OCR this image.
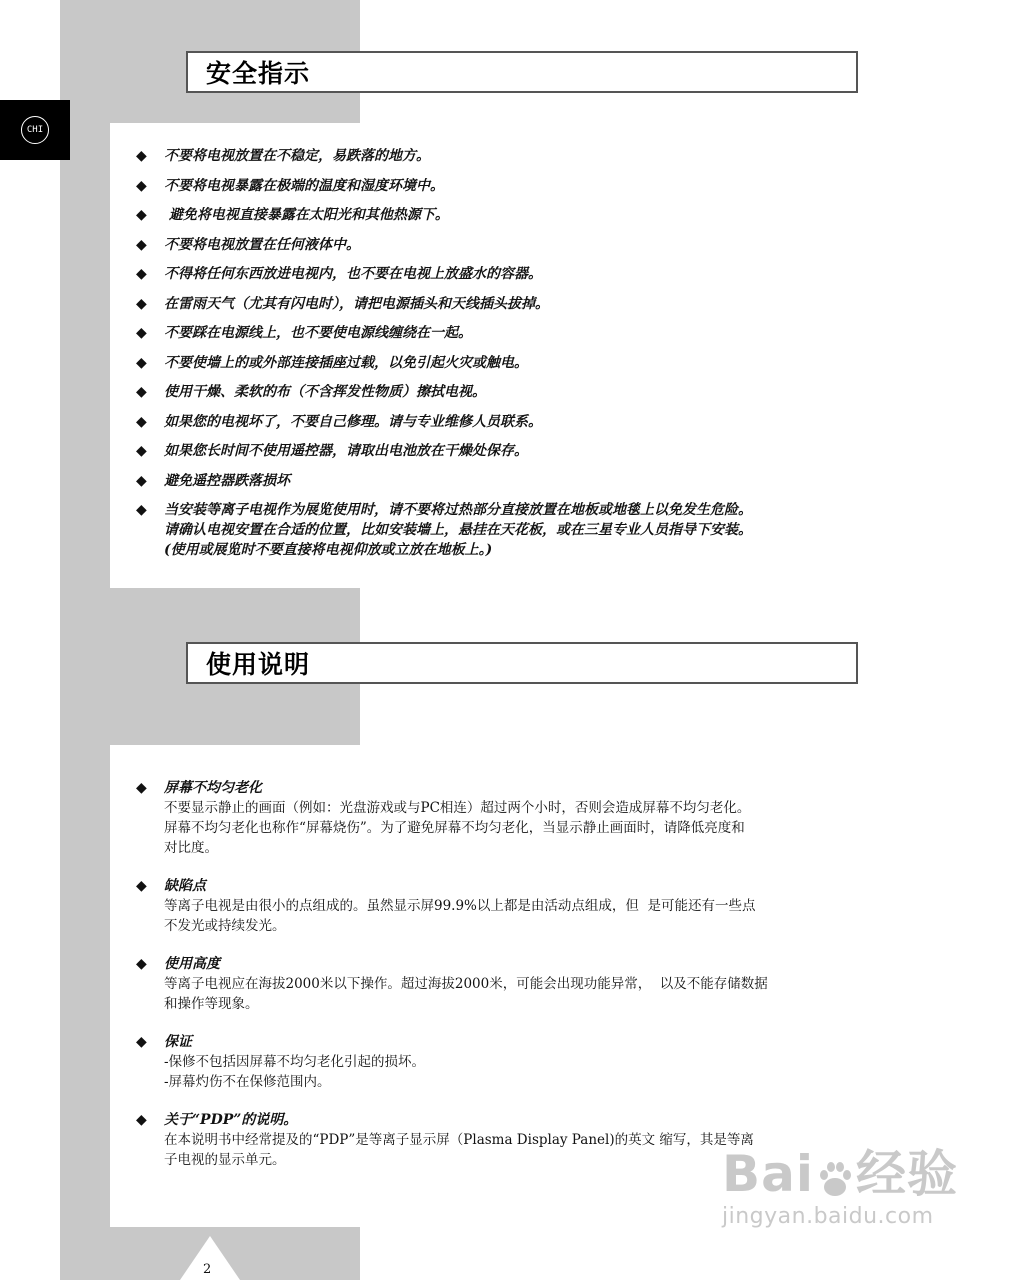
CHI
安全指示
◆ 不要将电视放置在不稳定，易跌落的地方。
◆ 不要将电视暴露在极端的温度和湿度环境中。
◆ 避免将电视直接暴露在太阳光和其他热源下。
◆ 不要将电视放置在任何液体中。
◆ 不得将任何东西放进电视内，也不要在电视上放盛水的容器。
◆ 在雷雨天气（尤其有闪电时），请把电源插头和天线插头拔掉。
◆ 不要踩在电源线上，也不要使电源线缠绕在一起。
◆ 不要使墙上的或外部连接插座过载，以免引起火灾或触电。
◆ 使用干燥、柔软的布（不含挥发性物质）擦拭电视。
◆ 如果您的电视坏了，不要自己修理。请与专业维修人员联系。
◆ 如果您长时间不使用遥控器，请取出电池放在干燥处保存。
◆ 避免遥控器跌落损坏
◆ 当安装等离子电视作为展览使用时，请不要将过热部分直接放置在地板或地毯上以免发生危险。
请确认电视安置在合适的位置，比如安装墙上，悬挂在天花板，或在三星专业人员指导下安装。
(使用或展览时不要直接将电视仰放或立放在地板上。)
使用说明
◆ 屏幕不均匀老化
不要显示静止的画面（例如：光盘游戏或与PC相连）超过两个小时，否则会造成屏幕不均匀老化。
屏幕不均匀老化也称作“屏幕烧伤”。为了避免屏幕不均匀老化，当显示静止画面时，请降低亮度和
对比度。
◆ 缺陷点
等离子电视是由很小的点组成的。虽然显示屏99.9%以上都是由活动点组成，但  是可能还有一些点
不发光或持续发光。
◆ 使用高度
等离子电视应在海拔2000米以下操作。超过海拔2000米，可能会出现功能异常，  以及不能存储数据
和操作等现象。
◆ 保证
-保修不包括因屏幕不均匀老化引起的损坏。
-屏幕灼伤不在保修范围内。
◆ 关于“PDP”的说明。
在本说明书中经常提及的“PDP”是等离子显示屏（Plasma Display Panel)的英文 缩写，其是等离
子电视的显示单元。
2
Bai 经验
jingyan.baidu.com
